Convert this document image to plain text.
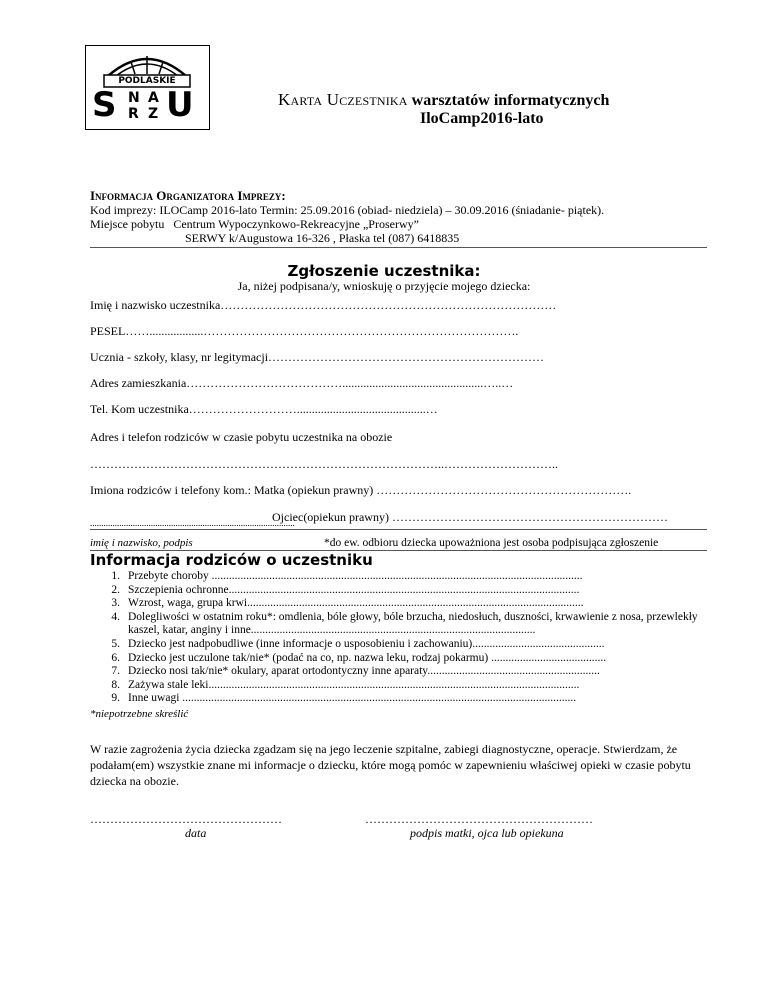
PODLASKIE
S N A
R Z U	Karta Uczestnika warsztatów informatycznych
IloCamp2016-lato
Informacja Organizatora Imprezy:
Kod imprezy: ILOCamp 2016-lato Termin: 25.09.2016 (obiad- niedziela) – 30.09.2016 (śniadanie- piątek).
Miejsce pobytu   Centrum Wypoczynkowo-Rekreacyjne „Proserwy”
SERWY k/Augustowa 16-326 , Płaska tel (087) 6418835
Zgłoszenie uczestnika:
Ja, niżej podpisana/y, wnioskuję o przyjęcie mojego dziecka:
Imię i nazwisko uczestnika…………………………………………………………………………
PESEL……..................…………………………………………………………………….
Ucznia - szkoły, klasy, nr legitymacji……………………………………………………………
Adres zamieszkania…………………………………...............................................…..…
Tel. Kom uczestnika………………………...........................................…
Adres i telefon rodziców w czasie pobytu uczestnika na obozie
……………………………………………………………………………..………………………..
Imiona rodziców i telefony kom.: Matka (opiekun prawny) ……………………………………………………….
Ojciec(opiekun prawny) ……………………………………………………………
...........................................................................................
imię i nazwisko, podpis	*do ew. odbioru dziecka upoważniona jest osoba podpisująca zgłoszenie
Informacja rodziców o uczestniku
1. Przebyte choroby .................................................................................................................................
2. Szczepienia ochronne..........................................................................................................................
3. Wzrost, waga, grupa krwi.....................................................................................................................
4. Dolegliwości w ostatnim roku*: omdlenia, bóle głowy, bóle brzucha, niedosłuch, duszności, krwawienie z nosa, przewlekły kaszel, katar, anginy i inne...................................................................................................
5. Dziecko jest nadpobudliwe (inne informacje o usposobieniu i zachowaniu)..............................................
6. Dziecko jest uczulone tak/nie* (podać na co, np. nazwa leku, rodzaj pokarmu) ........................................
7. Dziecko nosi tak/nie* okulary, aparat ortodontyczny inne aparaty............................................................
8. Zażywa stale leki.................................................................................................................................
9. Inne uwagi .........................................................................................................................................
*niepotrzebne skreślić
W razie zagrożenia życia dziecka zgadzam się na jego leczenie szpitalne, zabiegi diagnostyczne, operacje. Stwierdzam, że podałam(em) wszystkie znane mi informacje o dziecku, które mogą pomóc w zapewnieniu właściwej opieki w czasie pobytu dziecka na obozie.
…………………………………………
data
…………………………………………………
podpis matki, ojca lub opiekuna
